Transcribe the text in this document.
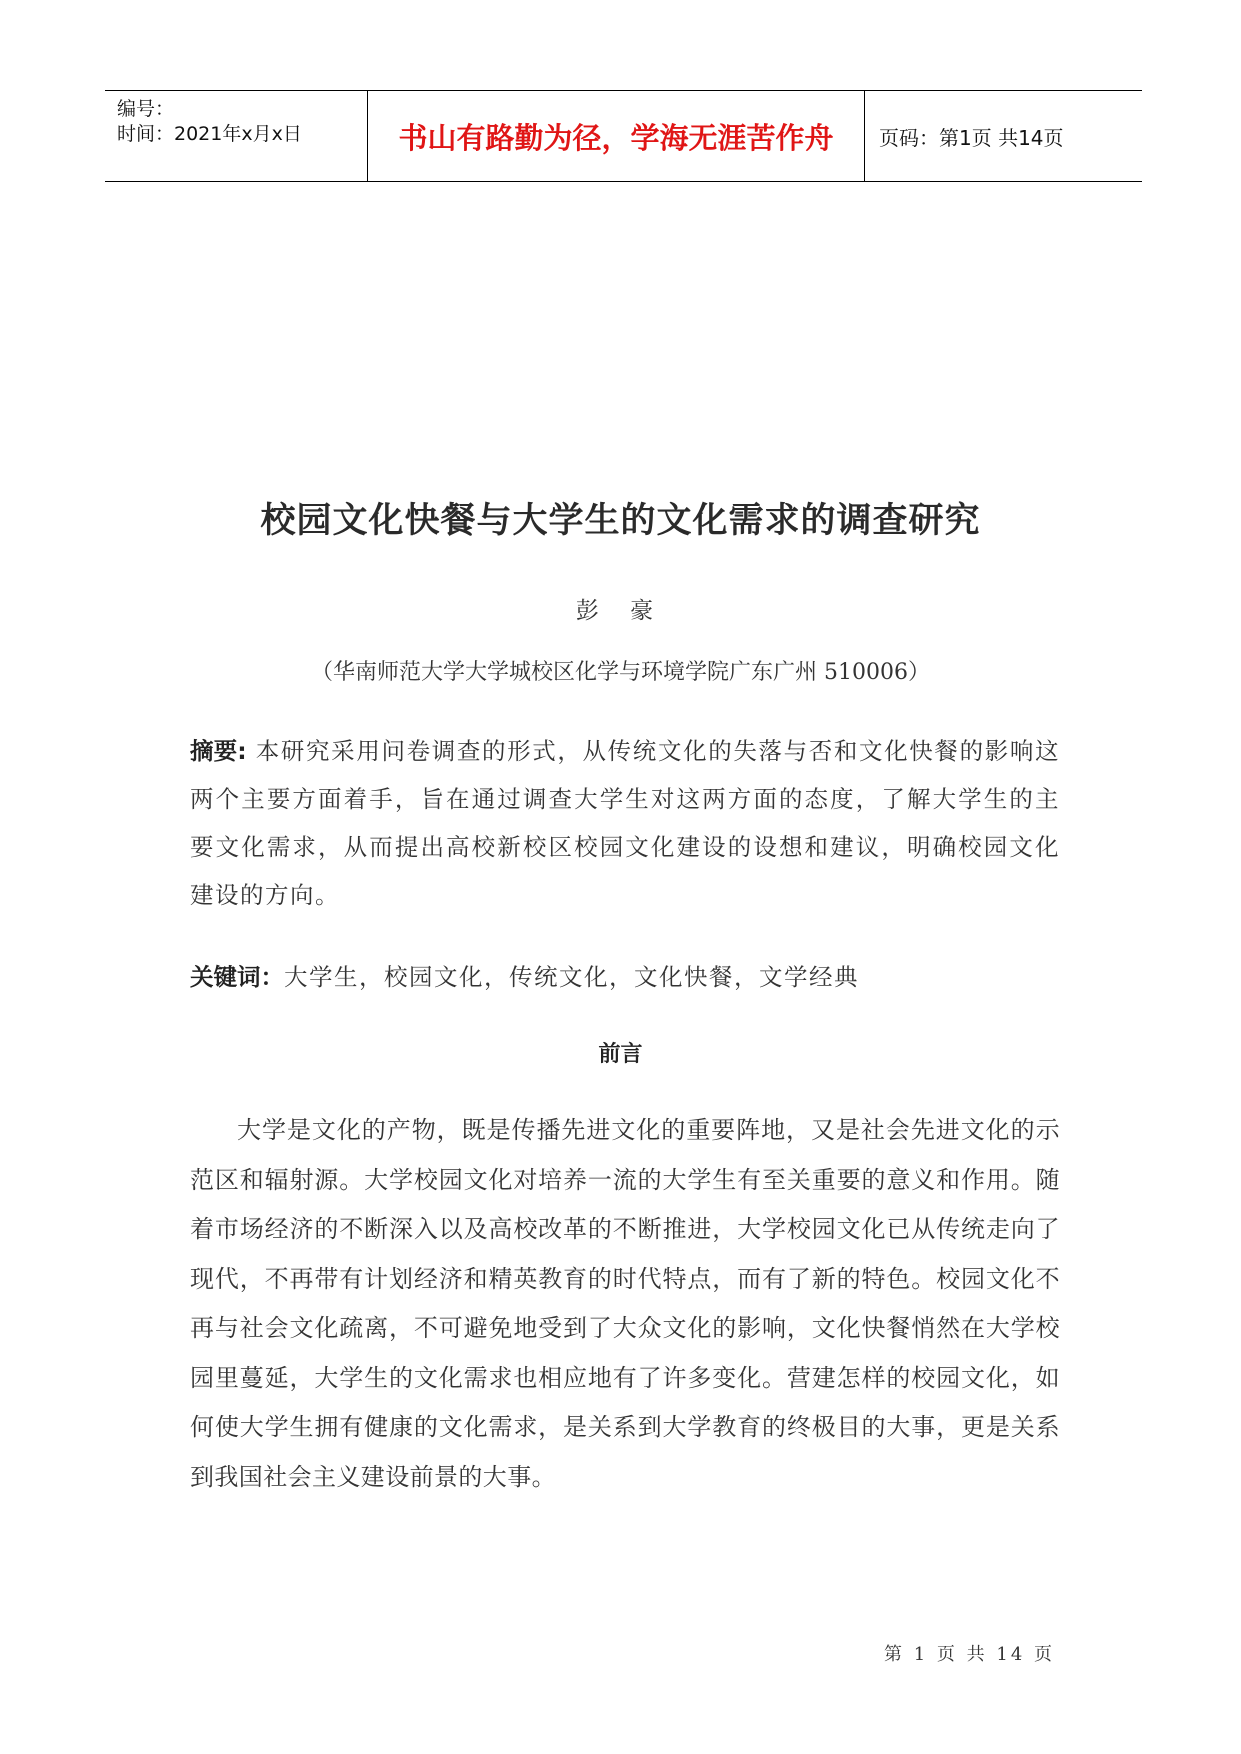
编号：
时间：2021年x月x日	书山有路勤为径，学海无涯苦作舟 页码：第1页 共14页
校园文化快餐与大学生的文化需求的调查研究
彭 豪
（华南师范大学大学城校区化学与环境学院广东广州 510006）
摘要: 本研究采用问卷调查的形式，从传统文化的失落与否和文化快餐的影响这两个主要方面着手，旨在通过调查大学生对这两方面的态度，了解大学生的主要文化需求，从而提出高校新校区校园文化建设的设想和建议，明确校园文化建设的方向。
关键词：大学生，校园文化，传统文化，文化快餐，文学经典
前言
大学是文化的产物，既是传播先进文化的重要阵地，又是社会先进文化的示范区和辐射源。大学校园文化对培养一流的大学生有至关重要的意义和作用。随着市场经济的不断深入以及高校改革的不断推进，大学校园文化已从传统走向了现代，不再带有计划经济和精英教育的时代特点，而有了新的特色。校园文化不再与社会文化疏离，不可避免地受到了大众文化的影响，文化快餐悄然在大学校园里蔓延，大学生的文化需求也相应地有了许多变化。营建怎样的校园文化，如何使大学生拥有健康的文化需求，是关系到大学教育的终极目的大事，更是关系到我国社会主义建设前景的大事。
第 1 页 共 14 页
